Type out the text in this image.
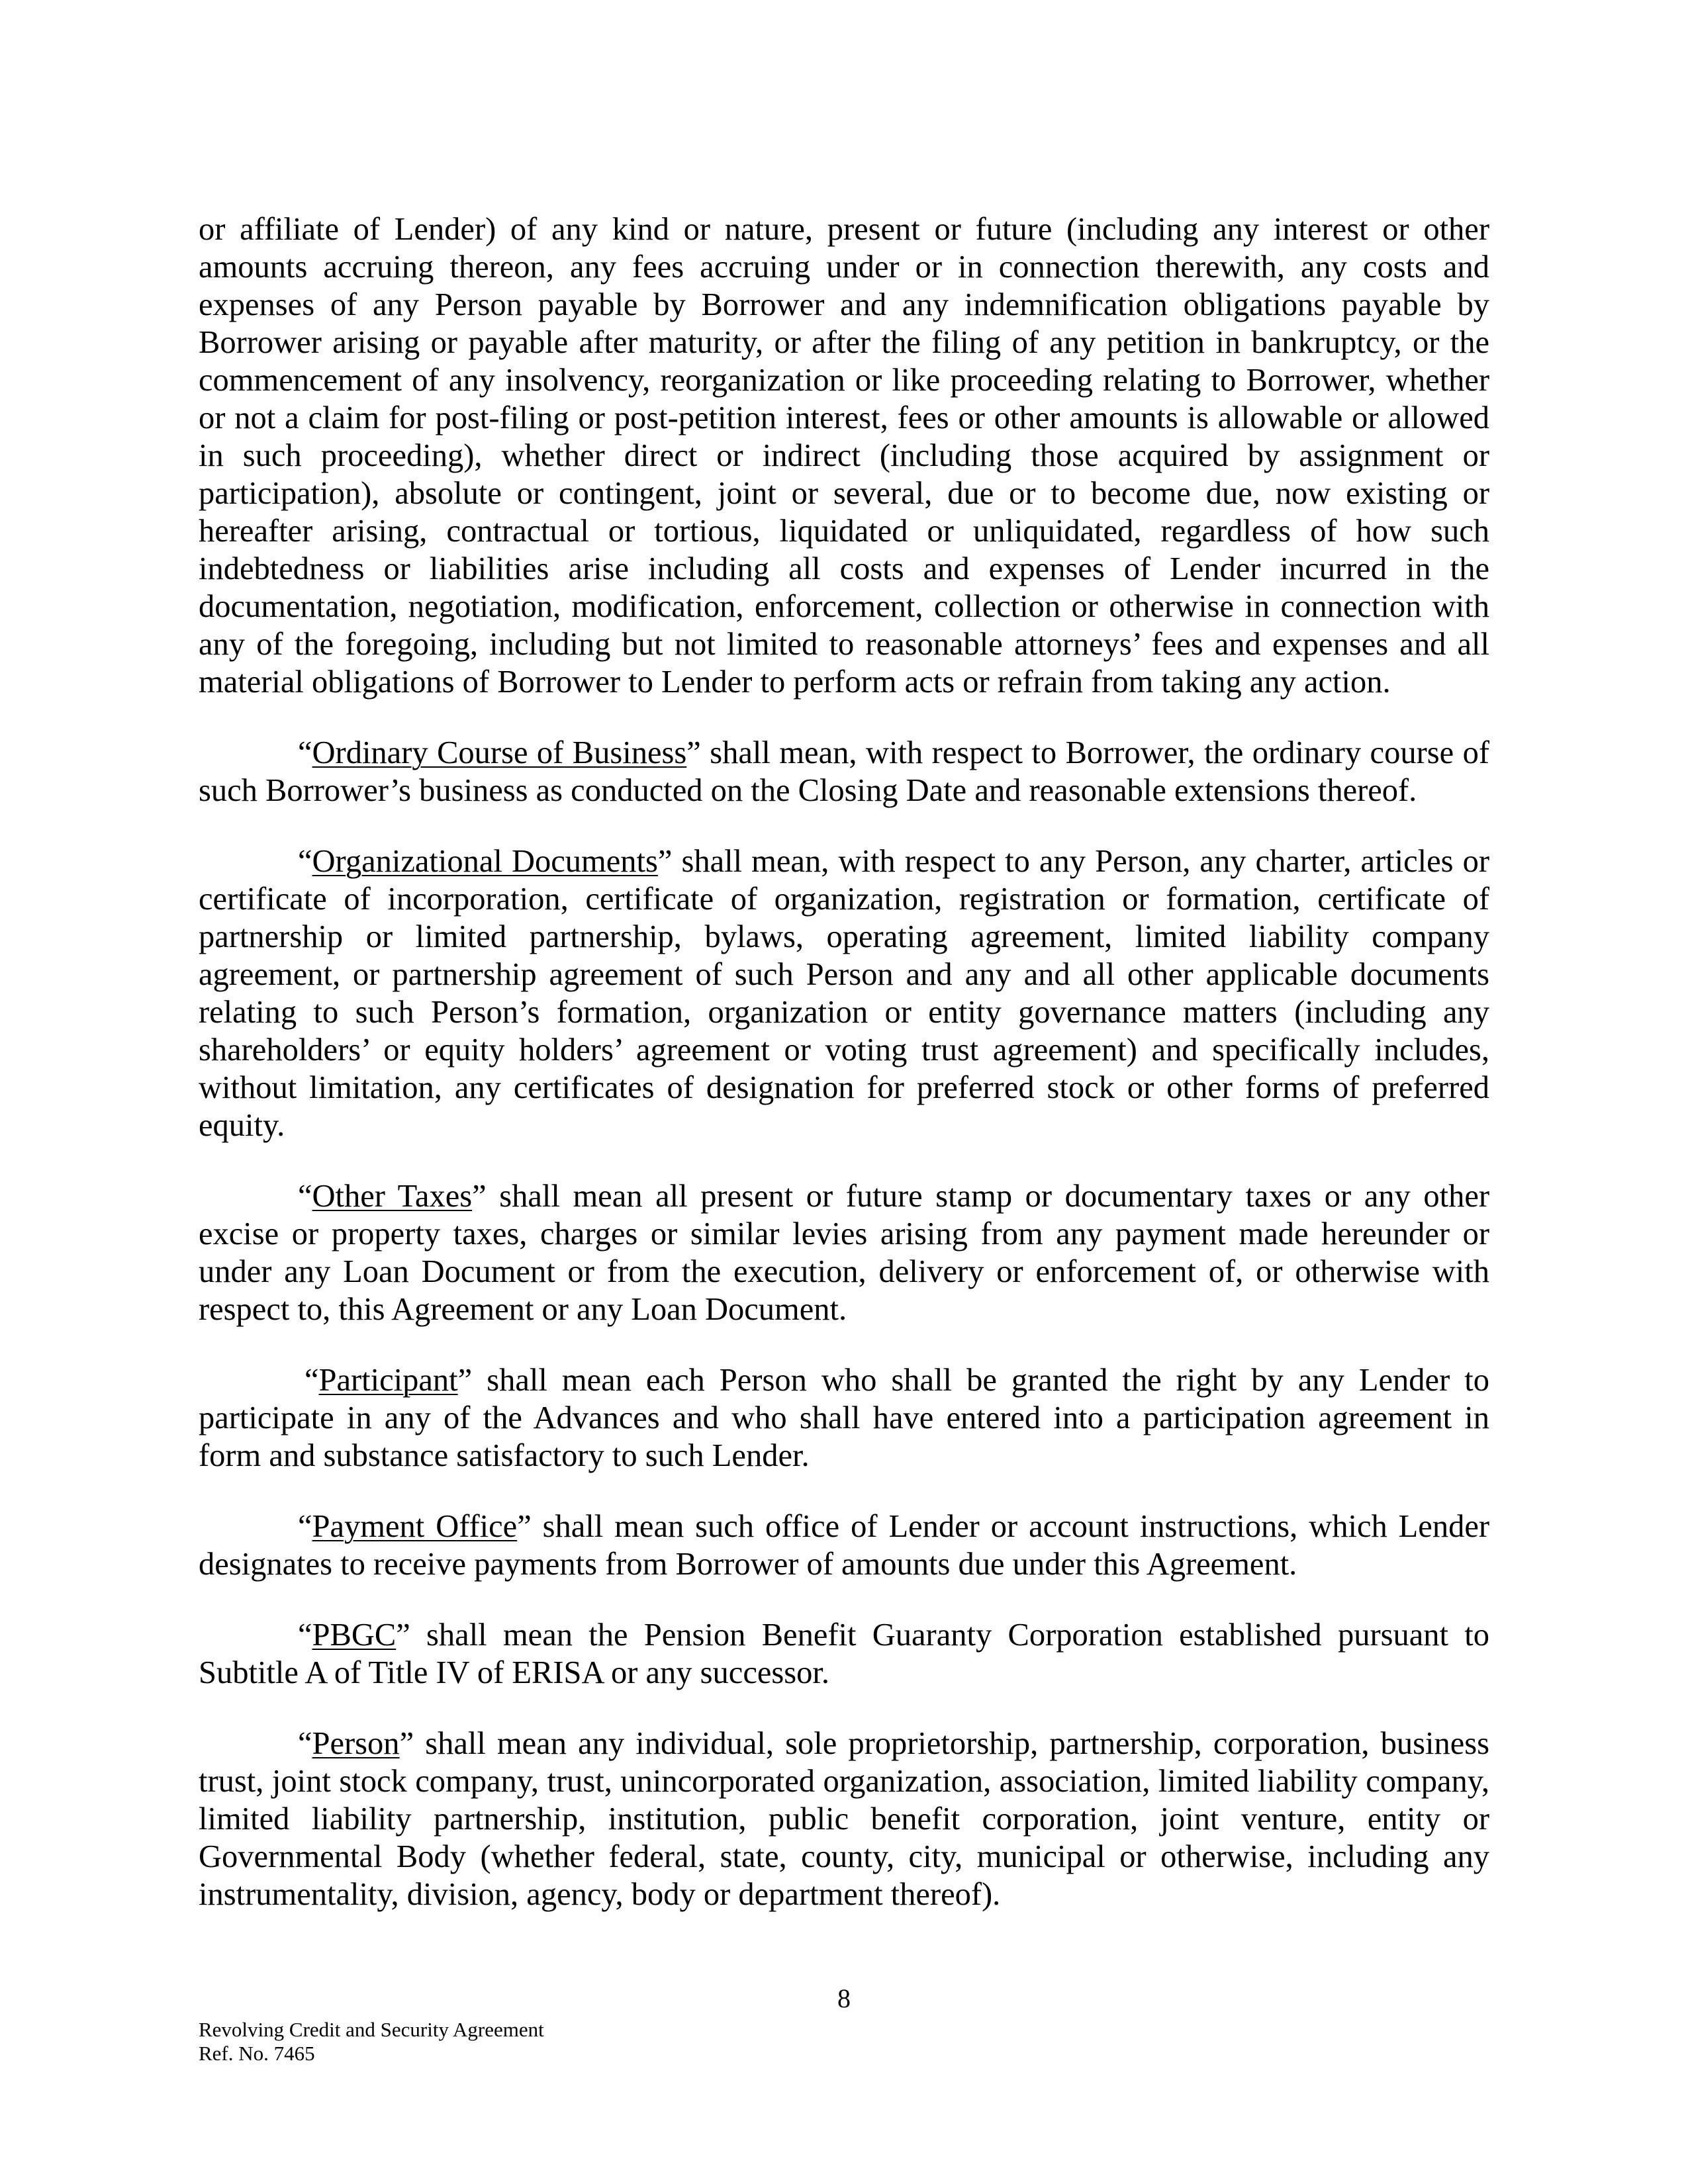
or affiliate of Lender) of any kind or nature, present or future (including any interest or other amounts accruing thereon, any fees accruing under or in connection therewith, any costs and expenses of any Person payable by Borrower and any indemnification obligations payable by Borrower arising or payable after maturity, or after the filing of any petition in bankruptcy, or the commencement of any insolvency, reorganization or like proceeding relating to Borrower, whether or not a claim for post-filing or post-petition interest, fees or other amounts is allowable or allowed in such proceeding), whether direct or indirect (including those acquired by assignment or participation), absolute or contingent, joint or several, due or to become due, now existing or hereafter arising, contractual or tortious, liquidated or unliquidated, regardless of how such indebtedness or liabilities arise including all costs and expenses of Lender incurred in the documentation, negotiation, modification, enforcement, collection or otherwise in connection with any of the foregoing, including but not limited to reasonable attorneys’ fees and expenses and all material obligations of Borrower to Lender to perform acts or refrain from taking any action.

“Ordinary Course of Business” shall mean, with respect to Borrower, the ordinary course of such Borrower’s business as conducted on the Closing Date and reasonable extensions thereof.

“Organizational Documents” shall mean, with respect to any Person, any charter, articles or certificate of incorporation, certificate of organization, registration or formation, certificate of partnership or limited partnership, bylaws, operating agreement, limited liability company agreement, or partnership agreement of such Person and any and all other applicable documents relating to such Person’s formation, organization or entity governance matters (including any shareholders’ or equity holders’ agreement or voting trust agreement) and specifically includes, without limitation, any certificates of designation for preferred stock or other forms of preferred equity.

“Other Taxes” shall mean all present or future stamp or documentary taxes or any other excise or property taxes, charges or similar levies arising from any payment made hereunder or under any Loan Document or from the execution, delivery or enforcement of, or otherwise with respect to, this Agreement or any Loan Document.

“Participant” shall mean each Person who shall be granted the right by any Lender to participate in any of the Advances and who shall have entered into a participation agreement in form and substance satisfactory to such Lender.

“Payment Office” shall mean such office of Lender or account instructions, which Lender designates to receive payments from Borrower of amounts due under this Agreement.

“PBGC” shall mean the Pension Benefit Guaranty Corporation established pursuant to Subtitle A of Title IV of ERISA or any successor.

“Person” shall mean any individual, sole proprietorship, partnership, corporation, business trust, joint stock company, trust, unincorporated organization, association, limited liability company, limited liability partnership, institution, public benefit corporation, joint venture, entity or Governmental Body (whether federal, state, county, city, municipal or otherwise, including any instrumentality, division, agency, body or department thereof).

8
Revolving Credit and Security Agreement
Ref. No. 7465
